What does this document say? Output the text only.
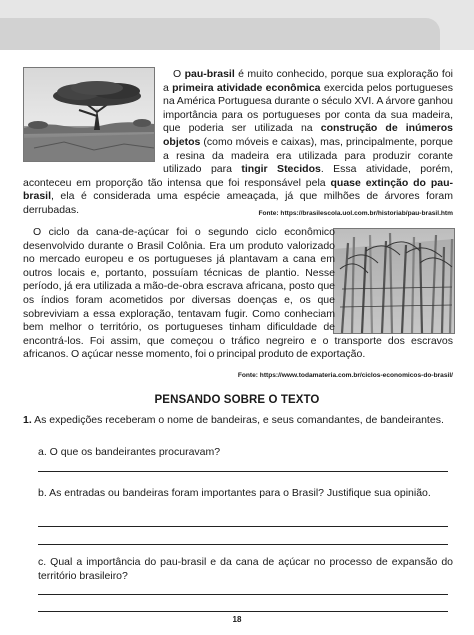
O pau-brasil é muito conhecido, porque sua exploração foi a primeira atividade econômica exercida pelos portugueses na América Portuguesa durante o século XVI. A árvore ganhou importância para os portugueses por conta da sua madeira, que poderia ser utilizada na construção de inúmeros objetos (como móveis e caixas), mas, principalmente, porque a resina da madeira era utilizada para produzir corante utilizado para tingir Stecidos. Essa atividade, porém, aconteceu em proporção tão intensa que foi responsável pela quase extinção do pau-brasil, ela é considerada uma espécie ameaçada, já que milhões de árvores foram derrubadas.	Fonte: https://brasilescola.uol.com.br/historiab/pau-brasil.htm

O ciclo da cana-de-açúcar foi o segundo ciclo econômico desenvolvido durante o Brasil Colônia. Era um produto valorizado no mercado europeu e os portugueses já plantavam a cana em outros locais e, portanto, possuíam técnicas de plantio. Nesse período, já era utilizada a mão-de-obra escrava africana, posto que os índios foram acometidos por diversas doenças e, os que sobreviviam a essa exploração, tentavam fugir. Como conheciam bem melhor o território, os portugueses tinham dificuldade de encontrá-los. Foi assim, que começou o tráfico negreiro e o transporte dos escravos africanos. O açúcar nesse momento, foi o principal produto de exportação.

Fonte: https://www.todamateria.com.br/ciclos-economicos-do-brasil/

PENSANDO SOBRE O TEXTO

1. As expedições receberam o nome de bandeiras, e seus comandantes, de bandeirantes.

a. O que os bandeirantes procuravam?

b. As entradas ou bandeiras foram importantes para o Brasil? Justifique sua opinião.

c. Qual a importância do pau-brasil e da cana de açúcar no processo de expansão do território brasileiro?

18
